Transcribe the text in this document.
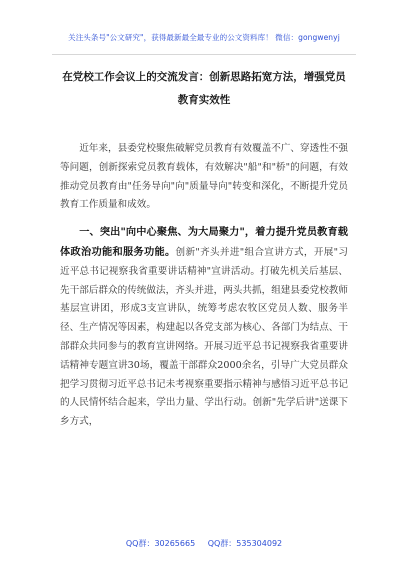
关注头条号"公文研究"，获得最新最全最专业的公文资料库！ 微信：gongwenyj
在党校工作会议上的交流发言：创新思路拓宽方法，增强党员教育实效性

近年来，县委党校聚焦破解党员教育有效覆盖不广、穿透性不强等问题，创新探索党员教育载体，有效解决"船"和"桥"的问题，有效推动党员教育由"任务导向"向"质量导向"转变和深化，不断提升党员教育工作质量和成效。

一、突出"向中心聚焦、为大局聚力"，着力提升党员教育载体政治功能和服务功能。创新"齐头并进"组合宣讲方式，开展"习近平总书记视察我省重要讲话精神"宣讲活动。打破先机关后基层、先干部后群众的传统做法，齐头并进，两头共抓，组建县委党校教师基层宣讲团，形成3支宣讲队，统筹考虑农牧区党员人数、服务半径、生产情况等因素，构建起以各党支部为核心、各部门为结点、干部群众共同参与的教育宣讲网络。开展习近平总书记视察我省重要讲话精神专题宣讲30场，覆盖干部群众2000余名，引导广大党员群众把学习贯彻习近平总书记未考视察重要指示精神与感悟习近平总书记的人民情怀结合起来，学出力量、学出行动。创新"先学后讲"送课下乡方式，

QQ群：30265665 QQ群：535304092
